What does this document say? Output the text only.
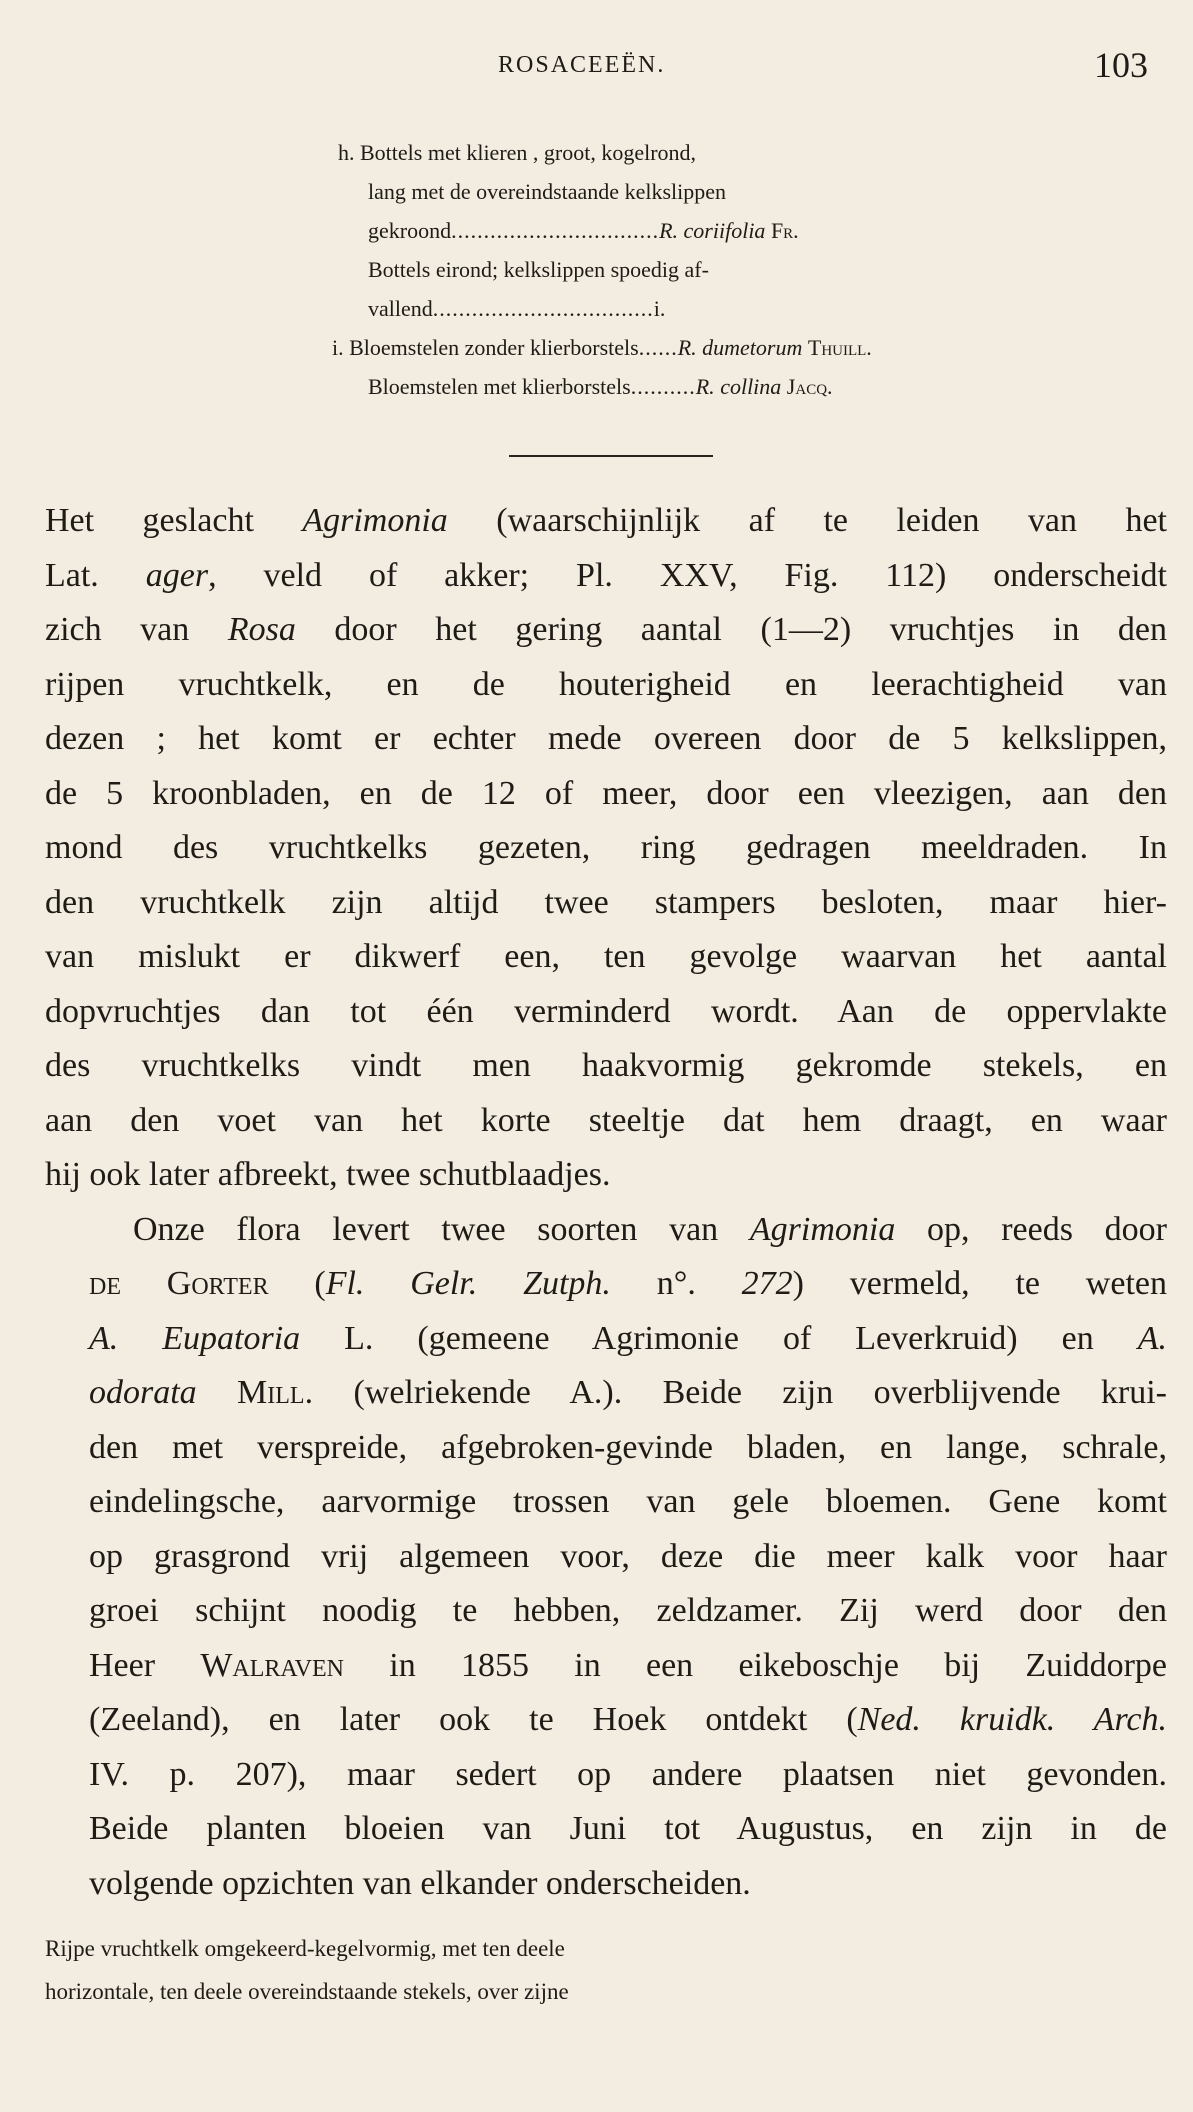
ROSACEEËN.	103
h. Bottels met klieren , groot, kogelrond,
lang met de overeindstaande kelkslippen
gekroond................................R. coriifolia Fr.
Bottels eirond; kelkslippen spoedig af-
vallend..................................i.
i. Bloemstelen zonder klierborstels......R. dumetorum Thuill.
Bloemstelen met klierborstels..........R. collina Jacq.
Het geslacht Agrimonia (waarschijnlijk af te leiden van het
Lat. ager, veld of akker; Pl. XXV, Fig. 112) onderscheidt
zich van Rosa door het gering aantal (1—2) vruchtjes in den
rijpen vruchtkelk, en de houterigheid en leerachtigheid van
dezen ; het komt er echter mede overeen door de 5 kelkslippen,
de 5 kroonbladen, en de 12 of meer, door een vleezigen, aan den
mond des vruchtkelks gezeten, ring gedragen meeldraden. In
den vruchtkelk zijn altijd twee stampers besloten, maar hier-
van mislukt er dikwerf een, ten gevolge waarvan het aantal
dopvruchtjes dan tot één verminderd wordt. Aan de oppervlakte
des vruchtkelks vindt men haakvormig gekromde stekels, en
aan den voet van het korte steeltje dat hem draagt, en waar
hij ook later afbreekt, twee schutblaadjes.
Onze flora levert twee soorten van Agrimonia op, reeds door
de Gorter (Fl. Gelr. Zutph. n°. 272) vermeld, te weten
A. Eupatoria L. (gemeene Agrimonie of Leverkruid) en A.
odorata Mill. (welriekende A.). Beide zijn overblijvende krui-
den met verspreide, afgebroken-gevinde bladen, en lange, schrale,
eindelingsche, aarvormige trossen van gele bloemen. Gene komt
op grasgrond vrij algemeen voor, deze die meer kalk voor haar
groei schijnt noodig te hebben, zeldzamer. Zij werd door den
Heer Walraven in 1855 in een eikeboschje bij Zuiddorpe
(Zeeland), en later ook te Hoek ontdekt (Ned. kruidk. Arch.
IV. p. 207), maar sedert op andere plaatsen niet gevonden.
Beide planten bloeien van Juni tot Augustus, en zijn in de
volgende opzichten van elkander onderscheiden.
Rijpe vruchtkelk omgekeerd-kegelvormig, met ten deele
horizontale, ten deele overeindstaande stekels, over zijne
